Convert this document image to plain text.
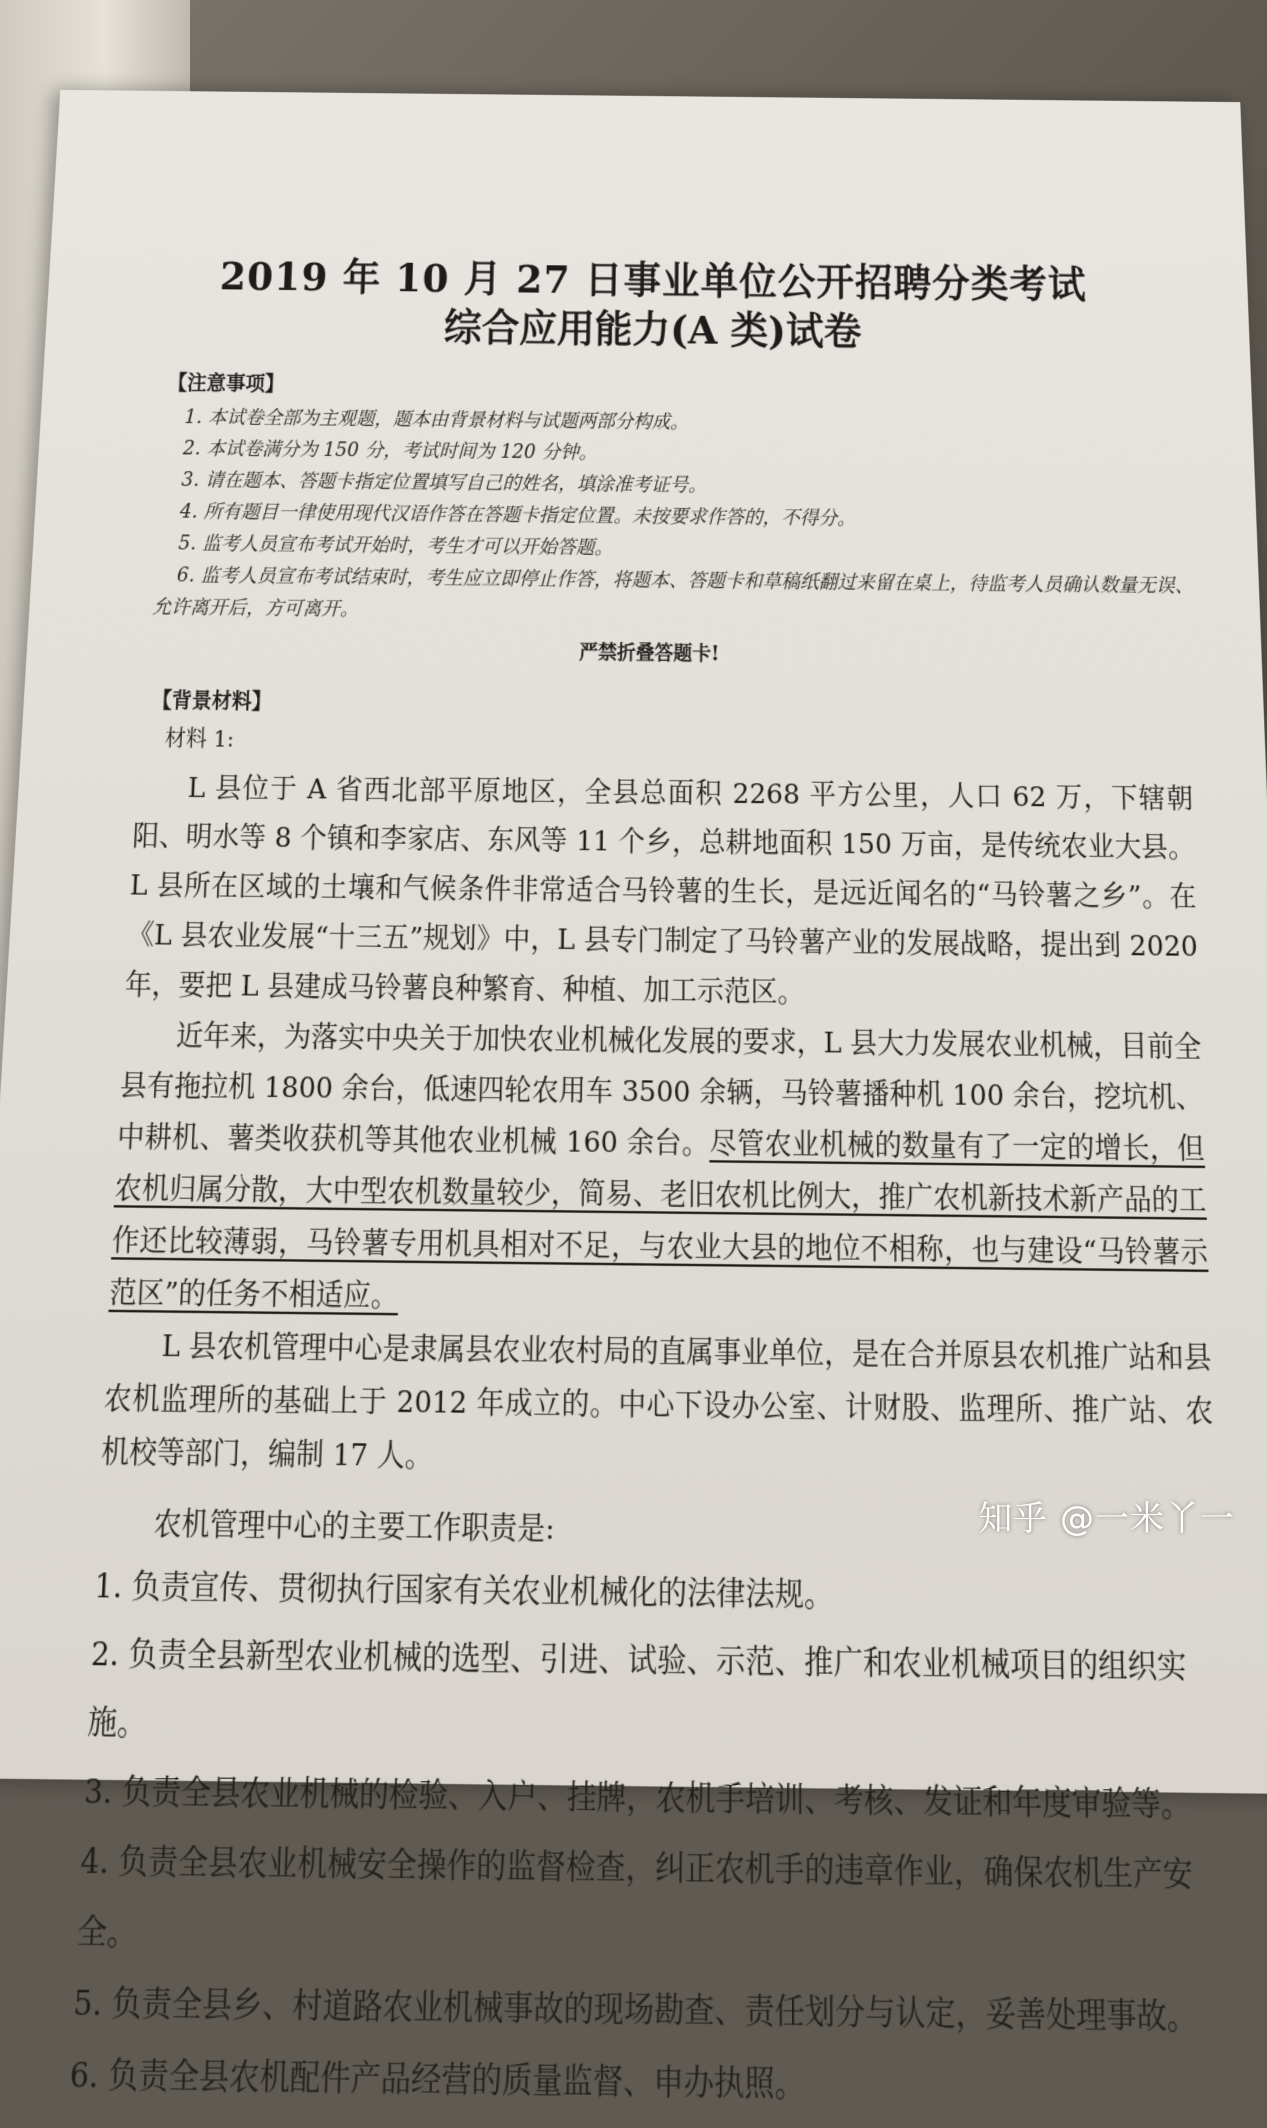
2019 年 10 月 27 日事业单位公开招聘分类考试
综合应用能力(A 类)试卷
【注意事项】
1. 本试卷全部为主观题，题本由背景材料与试题两部分构成。
2. 本试卷满分为 150 分，考试时间为 120 分钟。
3. 请在题本、答题卡指定位置填写自己的姓名，填涂准考证号。
4. 所有题目一律使用现代汉语作答在答题卡指定位置。未按要求作答的，不得分。
5. 监考人员宣布考试开始时，考生才可以开始答题。
6. 监考人员宣布考试结束时，考生应立即停止作答，将题本、答题卡和草稿纸翻过来留在桌上，待监考人员确认数量无误、允许离开后，方可离开。
严禁折叠答题卡!
【背景材料】
材料 1:
L 县位于 A 省西北部平原地区，全县总面积 2268 平方公里，人口 62 万，下辖朝阳、明水等 8 个镇和李家店、东风等 11 个乡，总耕地面积 150 万亩，是传统农业大县。L 县所在区域的土壤和气候条件非常适合马铃薯的生长，是远近闻名的“马铃薯之乡”。在《L 县农业发展“十三五”规划》中，L 县专门制定了马铃薯产业的发展战略，提出到 2020 年，要把 L 县建成马铃薯良种繁育、种植、加工示范区。
近年来，为落实中央关于加快农业机械化发展的要求，L 县大力发展农业机械，目前全县有拖拉机 1800 余台，低速四轮农用车 3500 余辆，马铃薯播种机 100 余台，挖坑机、中耕机、薯类收获机等其他农业机械 160 余台。尽管农业机械的数量有了一定的增长，但农机归属分散，大中型农机数量较少，简易、老旧农机比例大，推广农机新技术新产品的工作还比较薄弱，马铃薯专用机具相对不足，与农业大县的地位不相称，也与建设“马铃薯示范区”的任务不相适应。
L 县农机管理中心是隶属县农业农村局的直属事业单位，是在合并原县农机推广站和县农机监理所的基础上于 2012 年成立的。中心下设办公室、计财股、监理所、推广站、农机校等部门，编制 17 人。
农机管理中心的主要工作职责是:
1. 负责宣传、贯彻执行国家有关农业机械化的法律法规。
2. 负责全县新型农业机械的选型、引进、试验、示范、推广和农业机械项目的组织实施。
3. 负责全县农业机械的检验、入户、挂牌，农机手培训、考核、发证和年度审验等。
4. 负责全县农业机械安全操作的监督检查，纠正农机手的违章作业，确保农机生产安全。
5. 负责全县乡、村道路农业机械事故的现场勘查、责任划分与认定，妥善处理事故。
6. 负责全县农机配件产品经营的质量监督、申办执照。
知乎 @一米丫一
